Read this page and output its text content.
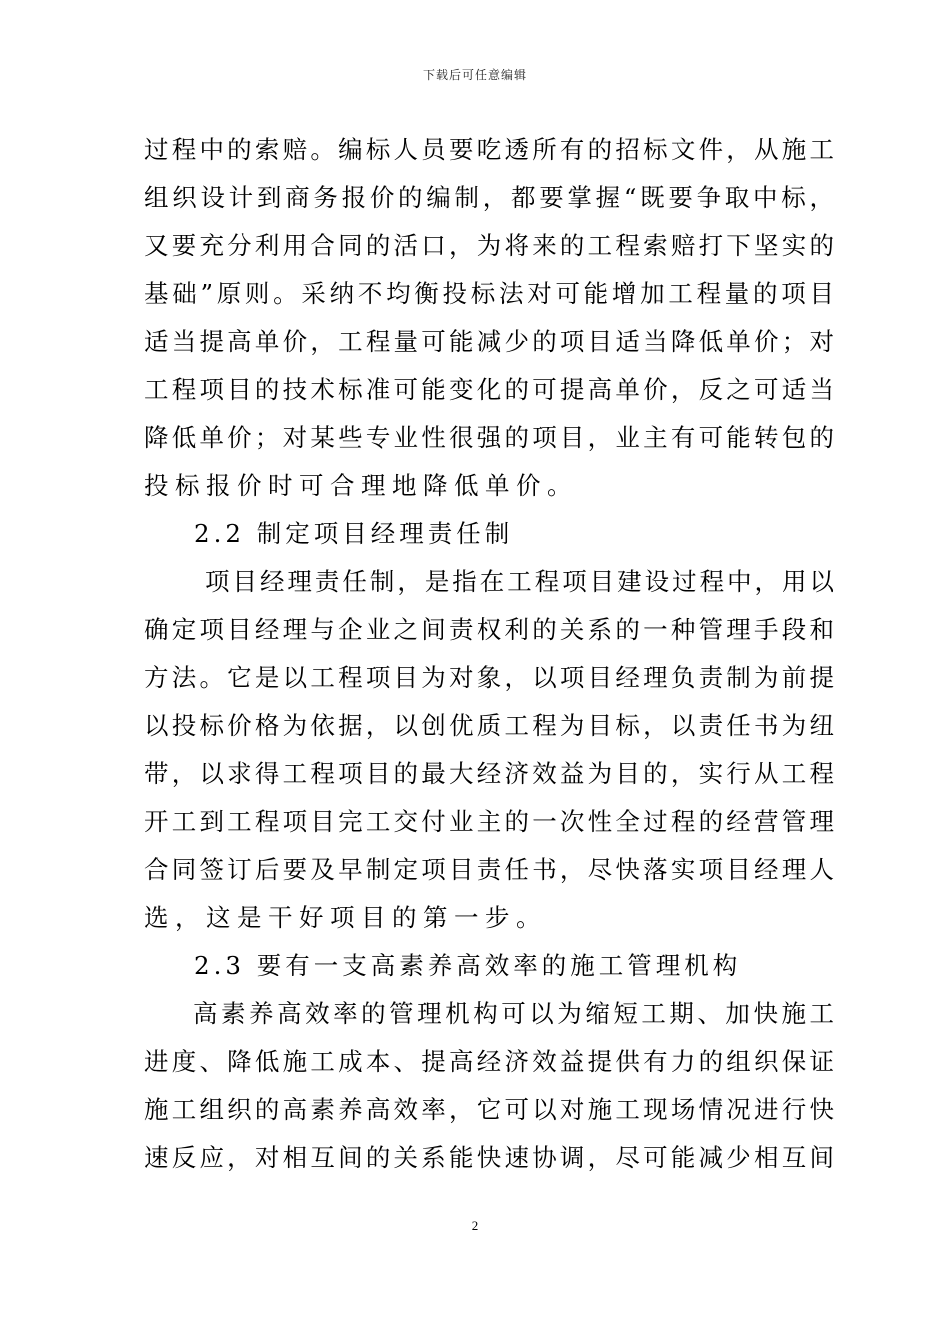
下载后可任意编辑
过程中的索赔。编标人员要吃透所有的招标文件，从施工
组织设计到商务报价的编制，都要掌握“既要争取中标，
又要充分利用合同的活口，为将来的工程索赔打下坚实的
基础”原则。采纳不均衡投标法对可能增加工程量的项目
适当提高单价，工程量可能减少的项目适当降低单价；对
工程项目的技术标准可能变化的可提高单价，反之可适当
降低单价；对某些专业性很强的项目，业主有可能转包的
投标报价时可合理地降低单价。
2.2 制定项目经理责任制
项目经理责任制，是指在工程项目建设过程中，用以
确定项目经理与企业之间责权利的关系的一种管理手段和
方法。它是以工程项目为对象，以项目经理负责制为前提
以投标价格为依据，以创优质工程为目标，以责任书为纽
带，以求得工程项目的最大经济效益为目的，实行从工程
开工到工程项目完工交付业主的一次性全过程的经营管理
合同签订后要及早制定项目责任书，尽快落实项目经理人
选，这是干好项目的第一步。
2.3 要有一支高素养高效率的施工管理机构
高素养高效率的管理机构可以为缩短工期、加快施工
进度、降低施工成本、提高经济效益提供有力的组织保证
施工组织的高素养高效率，它可以对施工现场情况进行快
速反应，对相互间的关系能快速协调，尽可能减少相互间
2
